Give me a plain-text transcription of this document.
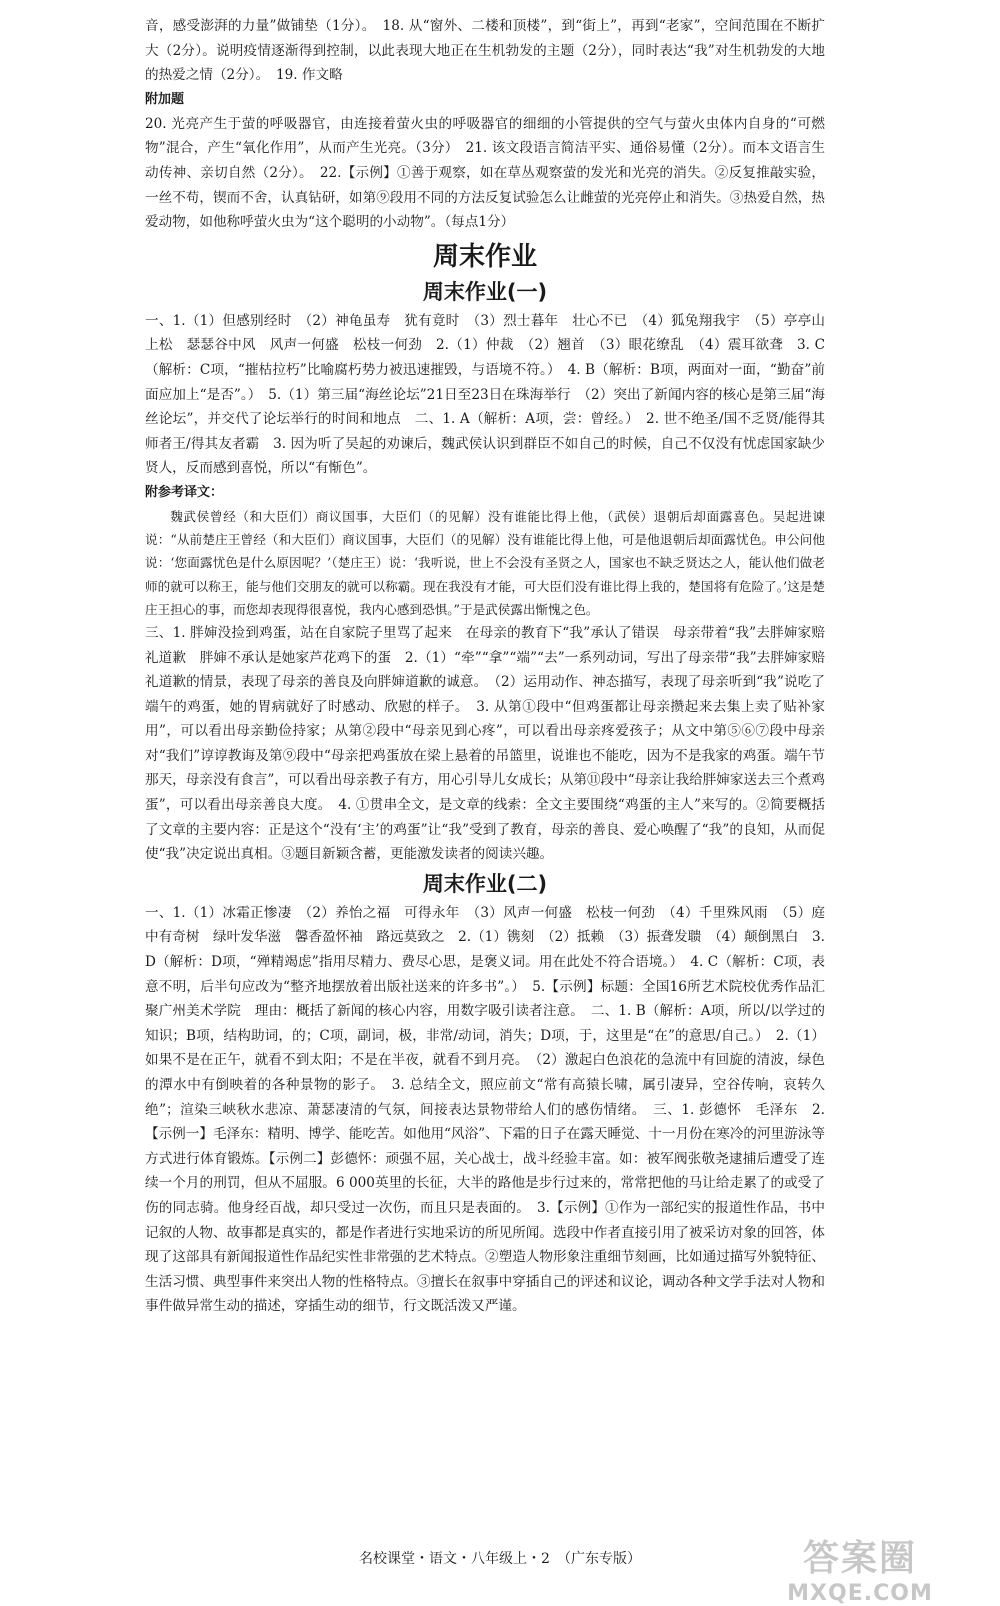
音，感受澎湃的力量”做铺垫（1分）。　18. 从“窗外、二楼和顶楼”，到“街上”，再到“老家”，空间范围在不断扩大（2分）。说明疫情逐渐得到控制，以此表现大地正在生机勃发的主题（2分），同时表达“我”对生机勃发的大地的热爱之情（2分）。　19. 作文略

附加题

20. 光亮产生于萤的呼吸器官，由连接着萤火虫的呼吸器官的细细的小管提供的空气与萤火虫体内自身的“可燃物”混合，产生“氧化作用”，从而产生光亮。（3分）　21. 该文段语言简洁平实、通俗易懂（2分）。而本文语言生动传神、亲切自然（2分）。　22.【示例】①善于观察，如在草丛观察萤的发光和光亮的消失。②反复推敲实验，一丝不苟，锲而不舍，认真钻研，如第⑨段用不同的方法反复试验怎么让雌萤的光亮停止和消失。③热爱自然，热爱动物，如他称呼萤火虫为“这个聪明的小动物”。（每点1分）

周末作业
周末作业(一)

一、1.（1）但感别经时　（2）神龟虽寿　犹有竟时　（3）烈士暮年　壮心不已　（4）狐兔翔我宇　（5）亭亭山上松　瑟瑟谷中风　风声一何盛　松枝一何劲　2.（1）仲裁　（2）翘首　（3）眼花缭乱　（4）震耳欲聋　3. C（解析：C项，“摧枯拉朽”比喻腐朽势力被迅速摧毁，与语境不符。）　4. B（解析：B项，两面对一面，“勤奋”前面应加上“是否”。）　5.（1）第三届“海丝论坛”21日至23日在珠海举行　（2）突出了新闻内容的核心是第三届“海丝论坛”，并交代了论坛举行的时间和地点　二、1. A（解析：A项，尝：曾经。）　2. 世不绝圣/国不乏贤/能得其师者王/得其友者霸　3. 因为听了吴起的劝谏后，魏武侯认识到群臣不如自己的时候，自己不仅没有忧虑国家缺少贤人，反而感到喜悦，所以“有惭色”。

附参考译文：

魏武侯曾经（和大臣们）商议国事，大臣们（的见解）没有谁能比得上他，（武侯）退朝后却面露喜色。吴起进谏说：“从前楚庄王曾经（和大臣们）商议国事，大臣们（的见解）没有谁能比得上他，可是他退朝后却面露忧色。申公问他说：‘您面露忧色是什么原因呢？’（楚庄王）说：‘我听说，世上不会没有圣贤之人，国家也不缺乏贤达之人，能认他们做老师的就可以称王，能与他们交朋友的就可以称霸。现在我没有才能，可大臣们没有谁比得上我的，楚国将有危险了。’这是楚庄王担心的事，而您却表现得很喜悦，我内心感到恐惧。”于是武侯露出惭愧之色。

三、1. 胖婶没捡到鸡蛋，站在自家院子里骂了起来　在母亲的教育下“我”承认了错误　母亲带着“我”去胖婶家赔礼道歉　胖婶不承认是她家芦花鸡下的蛋　2.（1）“牵”“拿”“端”“去”一系列动词，写出了母亲带“我”去胖婶家赔礼道歉的情景，表现了母亲的善良及向胖婶道歉的诚意。　（2）运用动作、神态描写，表现了母亲听到“我”说吃了端午的鸡蛋，她的胃病就好了时感动、欣慰的样子。　3. 从第①段中“但鸡蛋都让母亲攒起来去集上卖了贴补家用”，可以看出母亲勤俭持家；从第②段中“母亲见到心疼”，可以看出母亲疼爱孩子；从文中第⑤⑥⑦段中母亲对“我们”谆谆教诲及第⑨段中“母亲把鸡蛋放在梁上悬着的吊篮里，说谁也不能吃，因为不是我家的鸡蛋。端午节那天，母亲没有食言”，可以看出母亲教子有方，用心引导儿女成长；从第⑪段中“母亲让我给胖婶家送去三个煮鸡蛋”，可以看出母亲善良大度。　4. ①贯串全文，是文章的线索：全文主要围绕“鸡蛋的主人”来写的。②简要概括了文章的主要内容：正是这个“没有‘主’的鸡蛋”让“我”受到了教育，母亲的善良、爱心唤醒了“我”的良知，从而促使“我”决定说出真相。③题目新颖含蓄，更能激发读者的阅读兴趣。

周末作业(二)

一、1.（1）冰霜正惨凄　（2）养怡之福　可得永年　（3）风声一何盛　松枝一何劲　（4）千里殊风雨　（5）庭中有奇树　绿叶发华滋　馨香盈怀袖　路远莫致之　2.（1）镌刻　（2）抵赖　（3）振聋发聩　（4）颠倒黑白　3. D（解析：D项，“殚精竭虑”指用尽精力、费尽心思，是褒义词。用在此处不符合语境。）　4. C（解析：C项，表意不明，后半句应改为“整齐地摆放着出版社送来的许多书”。）　5.【示例】标题：全国16所艺术院校优秀作品汇聚广州美术学院　理由：概括了新闻的核心内容，用数字吸引读者注意。　二、1. B（解析：A项，所以/以学过的知识；B项，结构助词，的；C项，副词，极，非常/动词，消失；D项，于，这里是“在”的意思/自己。）　2.（1）如果不是在正午，就看不到太阳；不是在半夜，就看不到月亮。　（2）激起白色浪花的急流中有回旋的清波，绿色的潭水中有倒映着的各种景物的影子。　3. 总结全文，照应前文“常有高猿长啸，属引凄异，空谷传响，哀转久绝”；渲染三峡秋水悲凉、萧瑟凄清的气氛，间接表达景物带给人们的感伤情绪。　三、1. 彭德怀　毛泽东　2.【示例一】毛泽东：精明、博学、能吃苦。如他用“风浴”、下霜的日子在露天睡觉、十一月份在寒冷的河里游泳等方式进行体育锻炼。【示例二】彭德怀：顽强不屈，关心战士，战斗经验丰富。如：被军阀张敬尧逮捕后遭受了连续一个月的刑罚，但从不屈服。6 000英里的长征，大半的路他是步行过来的，常常把他的马让给走累了的或受了伤的同志骑。他身经百战，却只受过一次伤，而且只是表面的。　3.【示例】①作为一部纪实的报道性作品，书中记叙的人物、故事都是真实的，都是作者进行实地采访的所见所闻。选段中作者直接引用了被采访对象的回答，体现了这部具有新闻报道性作品纪实性非常强的艺术特点。②塑造人物形象注重细节刻画，比如通过描写外貌特征、生活习惯、典型事件来突出人物的性格特点。③擅长在叙事中穿插自己的评述和议论，调动各种文学手法对人物和事件做异常生动的描述，穿插生动的细节，行文既活泼又严谨。

名校课堂・语文・八年级上・2　（广东专版）	答案圈
MXQE.COM
